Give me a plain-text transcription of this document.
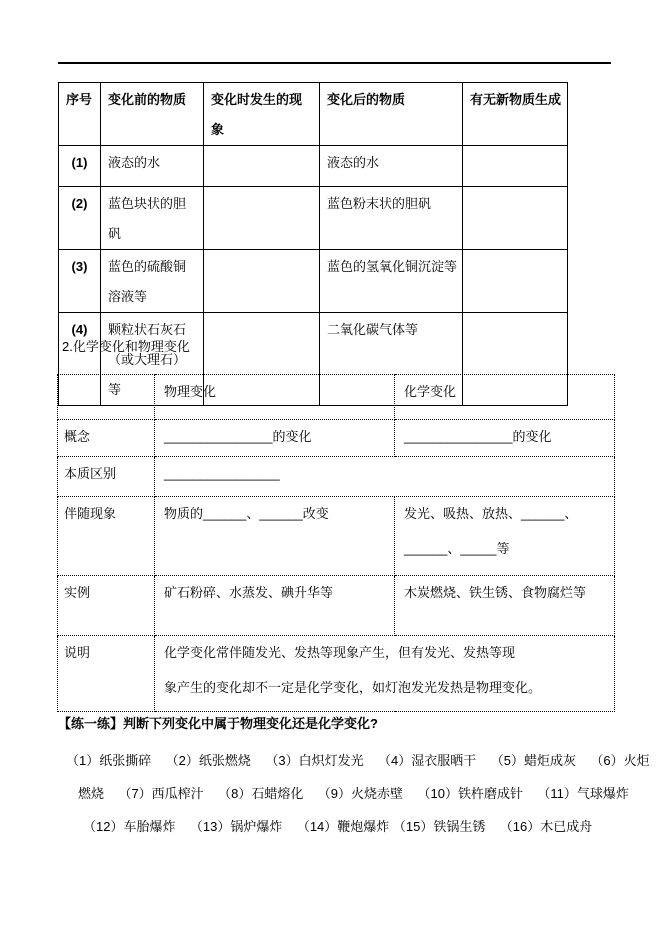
序号	变化前的物质	变化时发生的现象	变化后的物质	有无新物质生成
(1)	液态的水		液态的水	
(2)	蓝色块状的胆矾		蓝色粉末状的胆矾	
(3)	蓝色的硫酸铜溶液等		蓝色的氢氧化铜沉淀等	
(4)	颗粒状石灰石（或大理石）等		二氧化碳气体等	
2.化学变化和物理变化
	物理变化	化学变化
概念	_______________的变化	_______________的变化
本质区别	________________	
伴随现象	物质的______、______改变	发光、吸热、放热、______、
______、_____等

实例	矿石粉碎、水蒸发、碘升华等	木炭燃烧、铁生锈、食物腐烂等
说明	化学变化常伴随发光、发热等现象产生，但有发光、发热等现
象产生的变化却不一定是化学变化，如灯泡发光发热是物理变化。	
【练一练】判断下列变化中属于物理变化还是化学变化?
（1）纸张撕碎    （2）纸张燃烧    （3）白炽灯发光    （4）湿衣服晒干    （5）蜡炬成灰    （6）火炬
燃烧    （7）西瓜榨汁    （8）石蜡熔化    （9）火烧赤壁    （10）铁杵磨成针    （11）气球爆炸
（12）车胎爆炸    （13）锅炉爆炸    （14）鞭炮爆炸 （15）铁锅生锈    （16）木已成舟
